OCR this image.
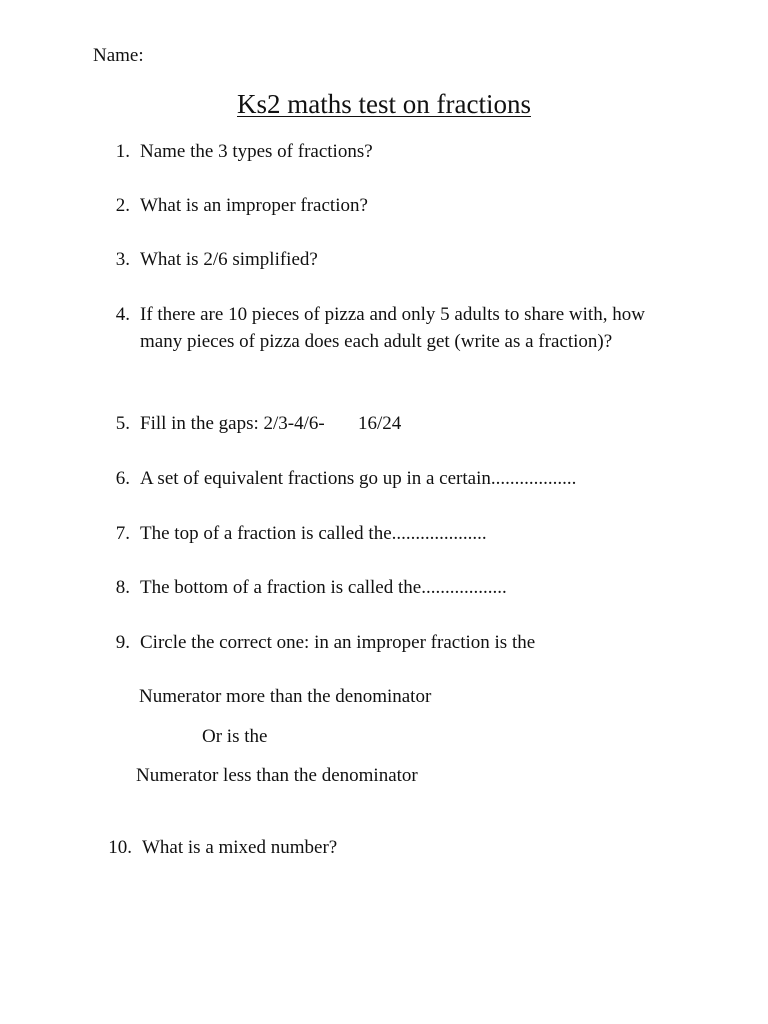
Name:
Ks2 maths test on fractions
1. Name the 3 types of fractions?
2. What is an improper fraction?
3. What is 2/6 simplified?
4. If there are 10 pieces of pizza and only 5 adults to share with, how many pieces of pizza does each adult get (write as a fraction)?
5. Fill in the gaps: 2/3-4/6-       16/24
6. A set of equivalent fractions go up in a certain..................
7. The top of a fraction is called the....................
8. The bottom of a fraction is called the..................
9. Circle the correct one: in an improper fraction is the
Numerator more than the denominator
Or is the
Numerator less than the denominator
10. What is a mixed number?
